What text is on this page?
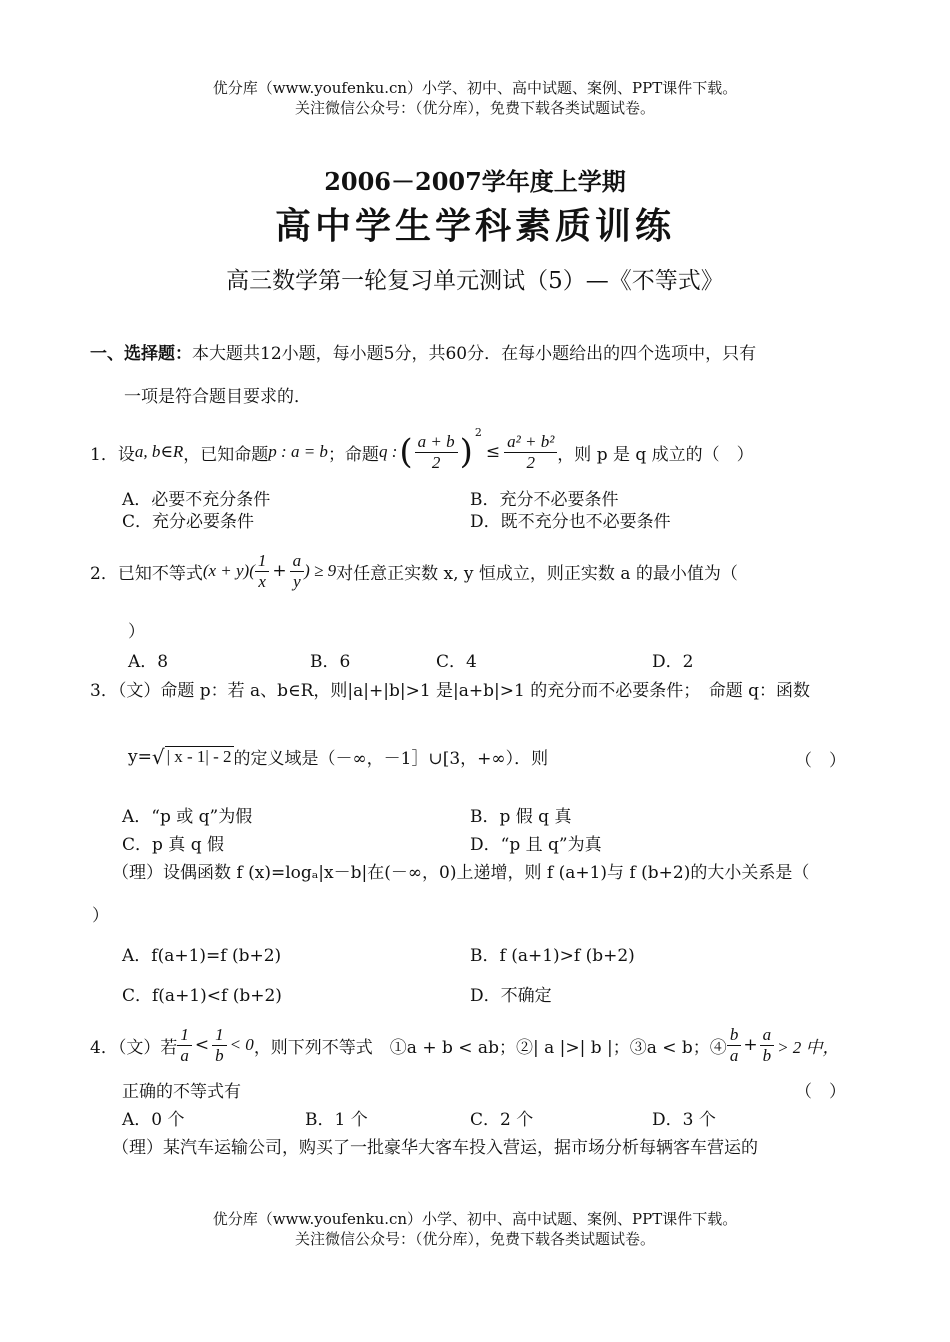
优分库（www.youfenku.cn）小学、初中、高中试题、案例、PPT课件下载。
关注微信公众号：（优分库），免费下载各类试题试卷。
2006－2007学年度上学期
高中学生学科素质训练
高三数学第一轮复习单元测试（5）—《不等式》
一、选择题：本大题共12小题，每小题5分，共60分．在每小题给出的四个选项中，只有
一项是符合题目要求的．
1．设 a, b∈R ，已知命题 p : a = b ；命题 q : ( $\frac{a + b}{2} )^2$
≤ $\frac{\text{a² + b²}}{2}$ ，则 p 是 q 成立的（　）
A．必要不充分条件	B．充分不必要条件
C．充分必要条件	D．既不充分也不必要条件
2．已知不等式 $(x + y)( \frac{1}{x} + \frac{a}{y}$ ) ≥ 9 对任意正实数 x, y 恒成立，则正实数 a 的最小值为（
）
A．8	B．6	C．4	D．2
3．（文）命题 p：若 a、b∈R，则|a|+|b|>1 是|a+b|>1 的充分而不必要条件；　命题 q：函数
y= √ | x - 1| - 2 的定义域是（－∞，－1］∪[3，+∞）．则	（　）
A．“p 或 q”为假	B．p 假 q 真
C．p 真 q 假	D．“p 且 q”为真
（理）设偶函数 f (x)=logₐ|x－b|在(－∞，0)上递增，则 f (a+1)与 f (b+2)的大小关系是（
）
A．f(a+1)=f (b+2)	B．f (a+1)>f (b+2)
C．f(a+1)<f (b+2)	D．不确定
4．（文）若 $\frac{1}{a} < \frac{1}{b} < 0$ ，则下列不等式　①a + b < ab；②| a |>| b |；③a < b；④ $\frac{b}{a} + \frac{a}{b} > 2$ 中，
正确的不等式有	（　）
A．0 个	B．1 个	C．2 个	D．3 个
（理）某汽车运输公司，购买了一批豪华大客车投入营运，据市场分析每辆客车营运的
优分库（www.youfenku.cn）小学、初中、高中试题、案例、PPT课件下载。
关注微信公众号：（优分库），免费下载各类试题试卷。
